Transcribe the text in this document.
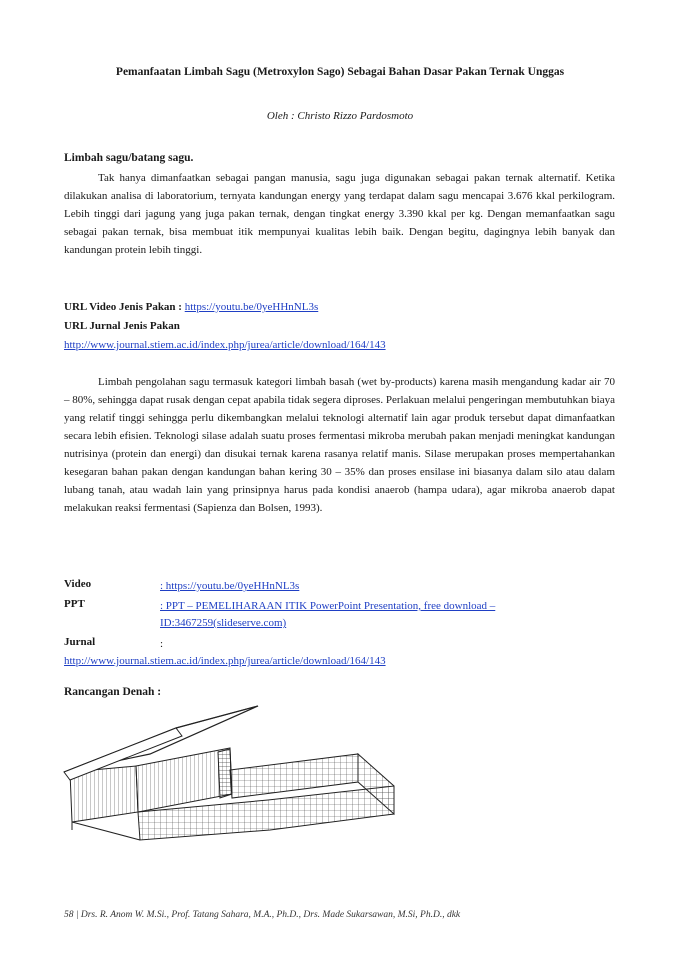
Pemanfaatan Limbah Sagu (Metroxylon Sago) Sebagai Bahan Dasar Pakan Ternak Unggas
Oleh : Christo Rizzo Pardosmoto
Limbah sagu/batang sagu.

Tak hanya dimanfaatkan sebagai pangan manusia, sagu juga digunakan sebagai pakan ternak alternatif. Ketika dilakukan analisa di laboratorium, ternyata kandungan energy yang terdapat dalam sagu mencapai 3.676 kkal perkilogram. Lebih tinggi dari jagung yang juga pakan ternak, dengan tingkat energy 3.390 kkal per kg. Dengan memanfaatkan sagu sebagai pakan ternak, bisa membuat itik mempunyai kualitas lebih baik. Dengan begitu, dagingnya lebih banyak dan kandungan protein lebih tinggi.

URL Video Jenis Pakan : https://youtu.be/0yeHHnNL3s
URL Jurnal Jenis Pakan
http://www.journal.stiem.ac.id/index.php/jurea/article/download/164/143

Limbah pengolahan sagu termasuk kategori limbah basah (wet by-products) karena masih mengandung kadar air 70 – 80%, sehingga dapat rusak dengan cepat apabila tidak segera diproses. Perlakuan melalui pengeringan membutuhkan biaya yang relatif tinggi sehingga perlu dikembangkan melalui teknologi alternatif lain agar produk tersebut dapat dimanfaatkan secara lebih efisien. Teknologi silase adalah suatu proses fermentasi mikroba merubah pakan menjadi meningkat kandungan nutrisinya (protein dan energi) dan disukai ternak karena rasanya relatif manis. Silase merupakan proses mempertahankan kesegaran bahan pakan dengan kandungan bahan kering 30 – 35% dan proses ensilase ini biasanya dalam silo atau dalam lubang tanah, atau wadah lain yang prinsipnya harus pada kondisi anaerob (hampa udara), agar mikroba anaerob dapat melakukan reaksi fermentasi (Sapienza dan Bolsen, 1993).

Video	: https://youtu.be/0yeHHnNL3s
PPT	: PPT – PEMELIHARAAN ITIK PowerPoint Presentation, free download – ID:3467259(slideserve.com)
Jurnal	:
http://www.journal.stiem.ac.id/index.php/jurea/article/download/164/143
Rancangan Denah :
58 | Drs. R. Anom W. M.Si., Prof. Tatang Sahara, M.A., Ph.D., Drs. Made Sukarsawan, M.Si, Ph.D., dkk
